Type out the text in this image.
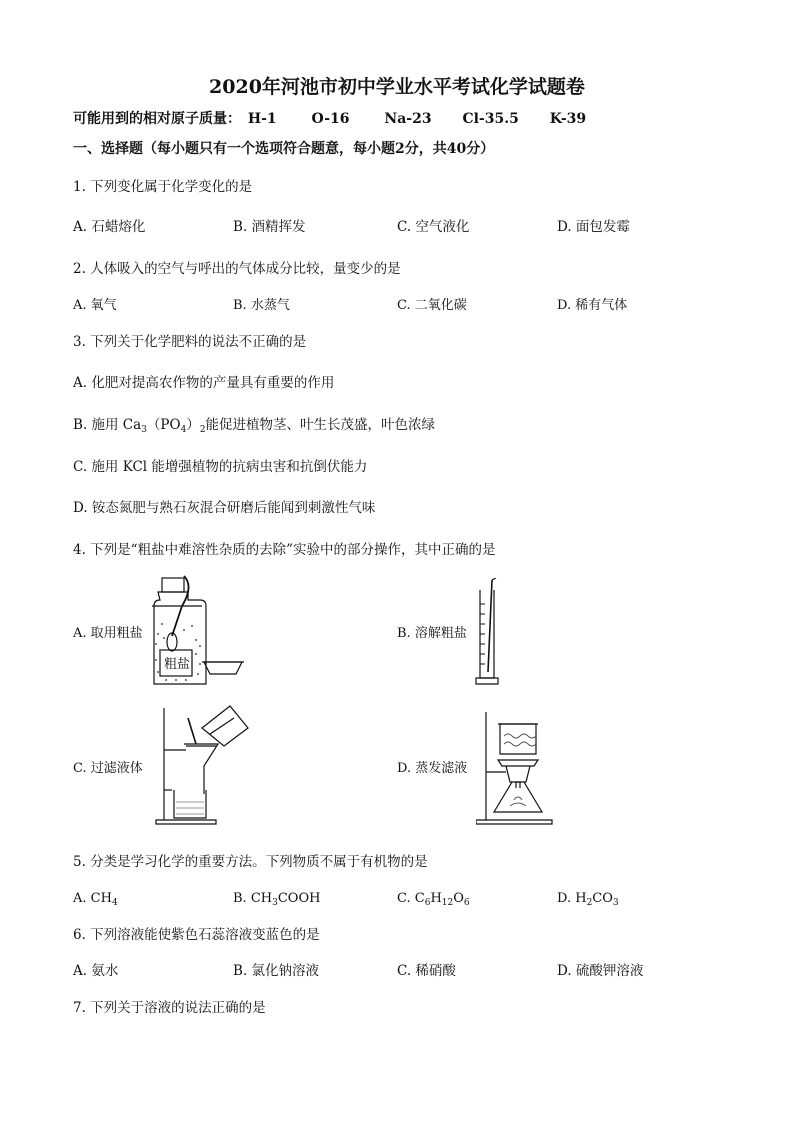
2020年河池市初中学业水平考试化学试题卷
可能用到的相对原子质量： H-1 O-16 Na-23 Cl-35.5 K-39
一、选择题（每小题只有一个选项符合题意，每小题2分，共40分）
1. 下列变化属于化学变化的是
A. 石蜡熔化	B. 酒精挥发	C. 空气液化	D. 面包发霉
2. 人体吸入的空气与呼出的气体成分比较，量变少的是
A. 氧气	B. 水蒸气	C. 二氧化碳	D. 稀有气体
3. 下列关于化学肥料的说法不正确的是
A. 化肥对提高农作物的产量具有重要的作用
B. 施用 $Ca_3(PO_4)_2$能促进植物茎、叶生长茂盛，叶色浓绿
C. 施用 KCl 能增强植物的抗病虫害和抗倒伏能力
D. 铵态氮肥与熟石灰混合研磨后能闻到刺激性气味
4. 下列是“粗盐中难溶性杂质的去除”实验中的部分操作，其中正确的是
A. 取用粗盐	B. 溶解粗盐
C. 过滤液体	D. 蒸发滤液
粗盐
5. 分类是学习化学的重要方法。下列物质不属于有机物的是
A. $CH_4$	B. $CH_3COOH$	C. $C_6H_{12}O_6$	D. $H_2CO_3$
6. 下列溶液能使紫色石蕊溶液变蓝色的是
A. 氨水	B. 氯化钠溶液	C. 稀硝酸	D. 硫酸钾溶液
7. 下列关于溶液的说法正确的是
